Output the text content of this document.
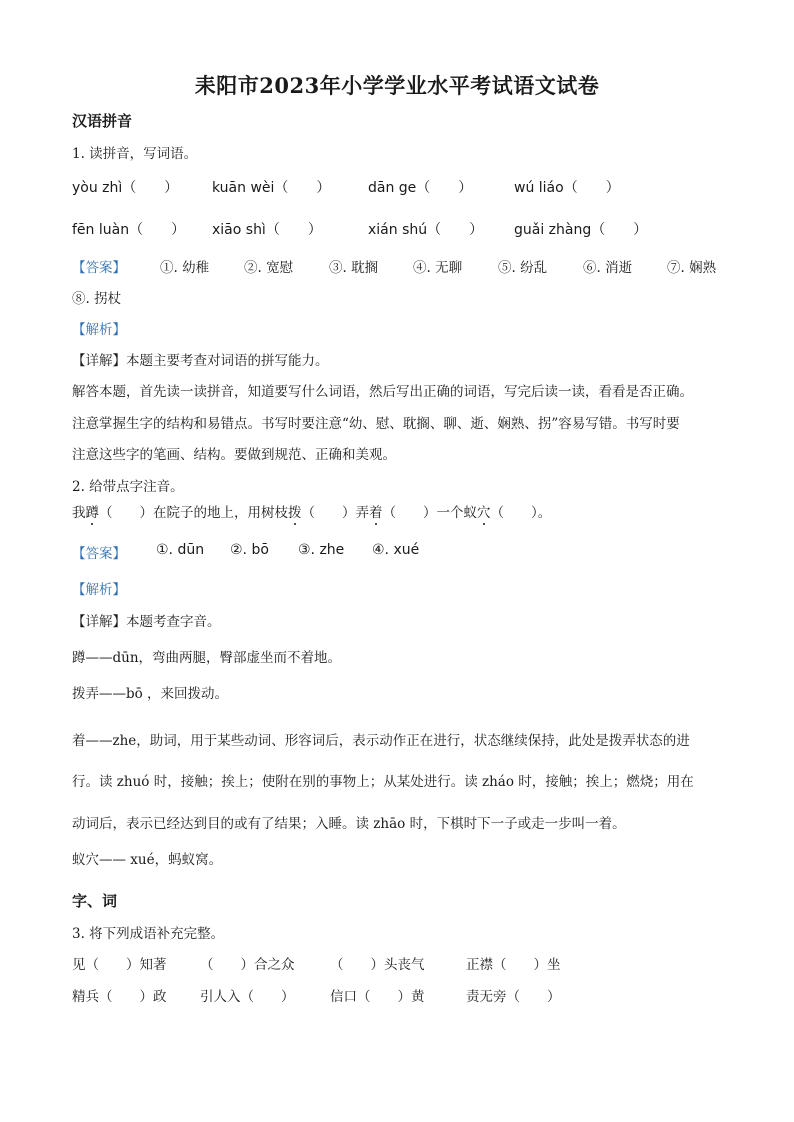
耒阳市2023年小学学业水平考试语文试卷
汉语拼音
1. 读拼音，写词语。
yòu zhì（　　） kuān wèi（　　）	dān ge（　　）	wú liáo（　　）
fēn luàn（　　） xiāo shì（　　）	xián shú（　　） guǎi zhàng（　　）
【答案】	①. 幼稚	②. 宽慰	③. 耽搁	④. 无聊	⑤. 纷乱	⑥. 消逝	⑦. 娴熟
⑧. 拐杖
【解析】
【详解】本题主要考查对词语的拼写能力。
解答本题，首先读一读拼音，知道要写什么词语，然后写出正确的词语，写完后读一读，看看是否正确。
注意掌握生字的结构和易错点。书写时要注意“幼、慰、耽搁、聊、逝、娴熟、拐”容易写错。书写时要
注意这些字的笔画、结构。要做到规范、正确和美观。
2. 给带点字注音。
我蹲（　　）在院子的地上，用树枝拨（　　）弄着（　　）一个蚁穴（　　）。
【答案】 ①. dūn ②. bō ③. zhe ④. xué
【解析】
【详解】本题考查字音。
蹲——dūn，弯曲两腿，臀部虚坐而不着地。
拨弄——bō ，来回拨动。
着——zhe，助词，用于某些动词、形容词后，表示动作正在进行，状态继续保持，此处是拨弄状态的进
行。读 zhuó 时，接触；挨上；使附在别的事物上；从某处进行。读 zháo 时，接触；挨上；燃烧；用在
动词后，表示已经达到目的或有了结果；入睡。读 zhāo 时，下棋时下一子或走一步叫一着。
蚁穴—— xué，蚂蚁窝。
字、词
3. 将下列成语补充完整。
见（　　）知著 （　　）合之众	（　　）头丧气	正襟（　　）坐
精兵（　　）政 引人入（　　）	信口（　　）黄	责无旁（　　）
